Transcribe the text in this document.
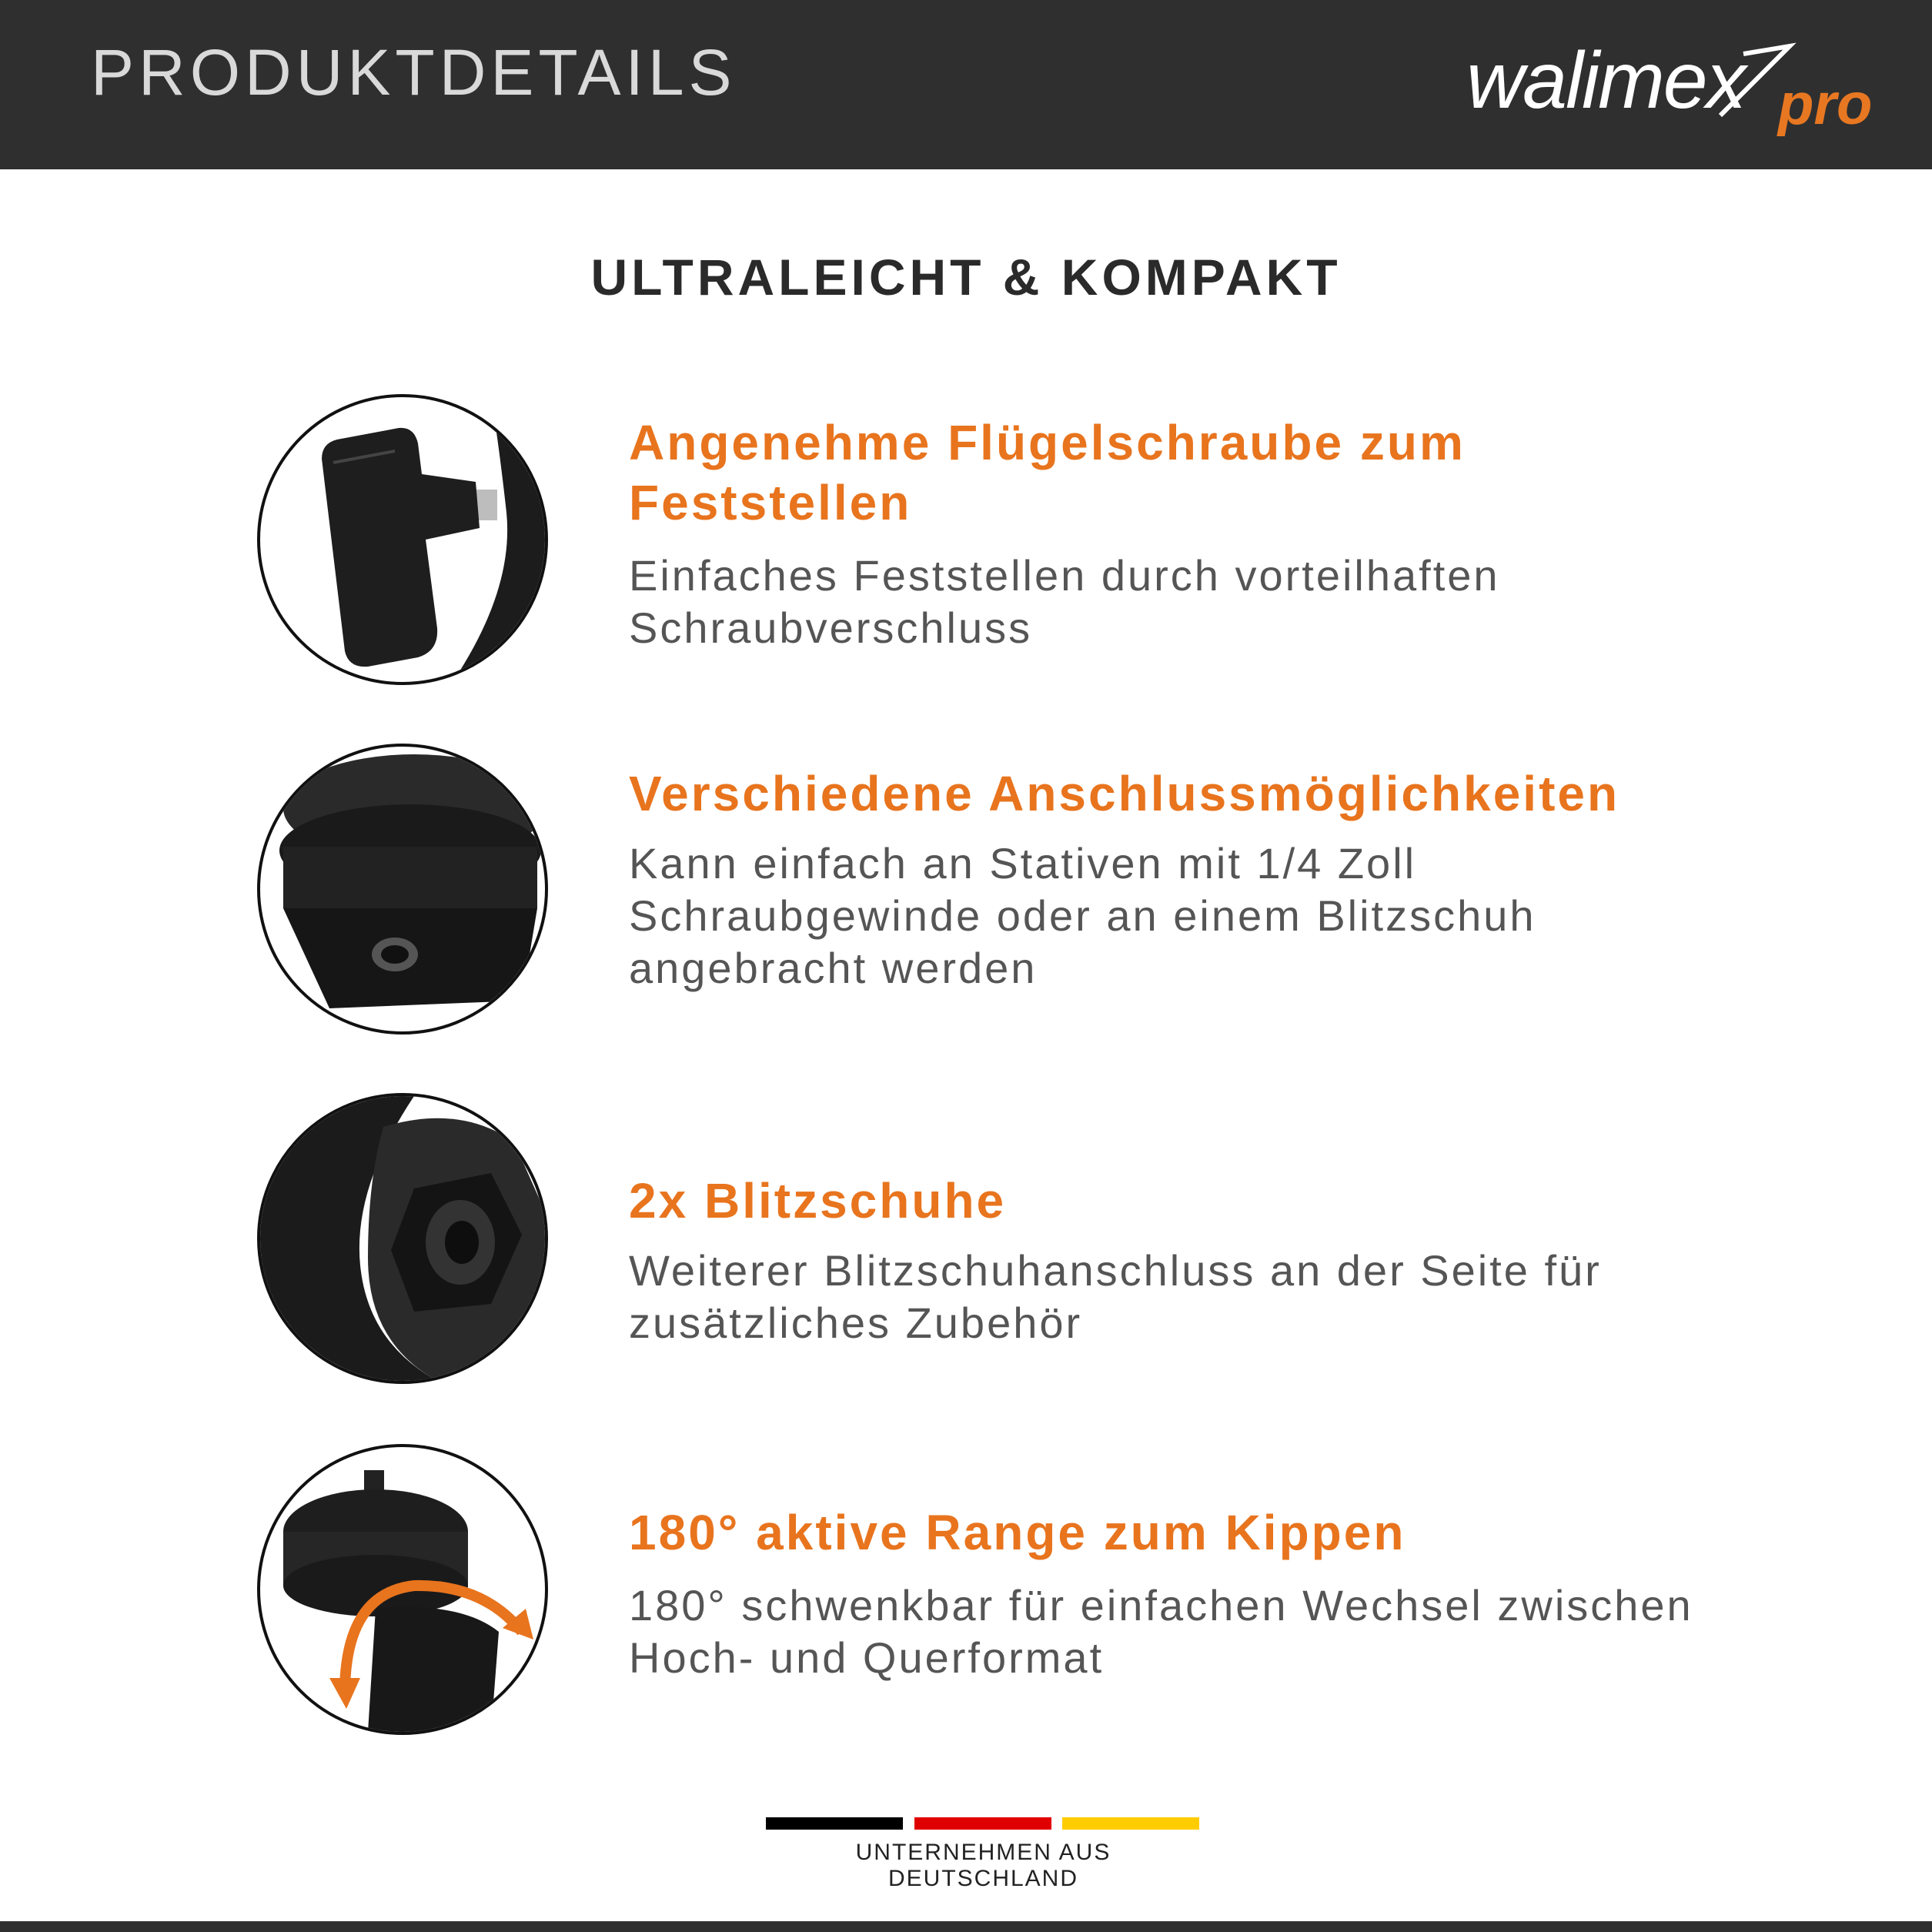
PRODUKTDETAILS	walimex pro
ULTRALEICHT & KOMPAKT
Angenehme Flügelschraube zum Feststellen
Einfaches Feststellen durch vorteilhaften Schraubverschluss
Verschiedene Anschlussmöglichkeiten
Kann einfach an Stativen mit 1/4 Zoll Schraubgewinde oder an einem Blitzschuh angebracht werden
2x Blitzschuhe
Weiterer Blitzschuhanschluss an der Seite für zusätzliches Zubehör
180° aktive Range zum Kippen
180° schwenkbar für einfachen Wechsel zwischen Hoch- und Querformat
UNTERNEHMEN AUS DEUTSCHLAND
